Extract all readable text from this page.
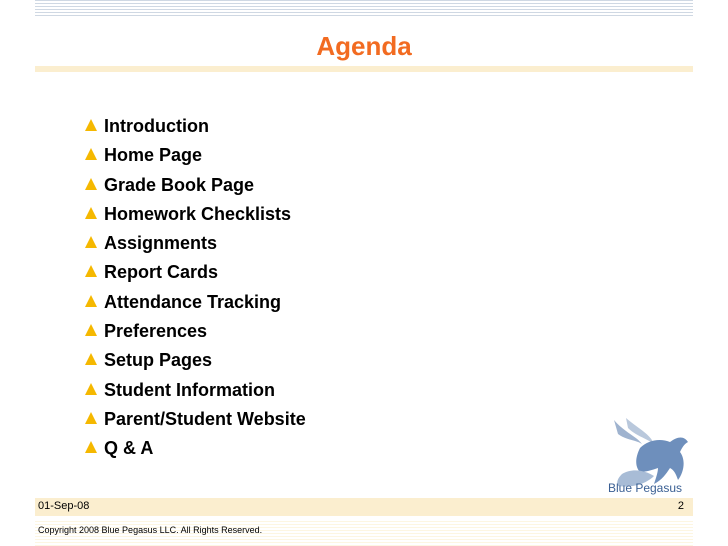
Agenda
Introduction
Home Page
Grade Book Page
Homework Checklists
Assignments
Report Cards
Attendance Tracking
Preferences
Setup Pages
Student Information
Parent/Student Website
Q & A
Blue Pegasus
01-Sep-08	2
Copyright 2008 Blue Pegasus LLC. All Rights Reserved.
